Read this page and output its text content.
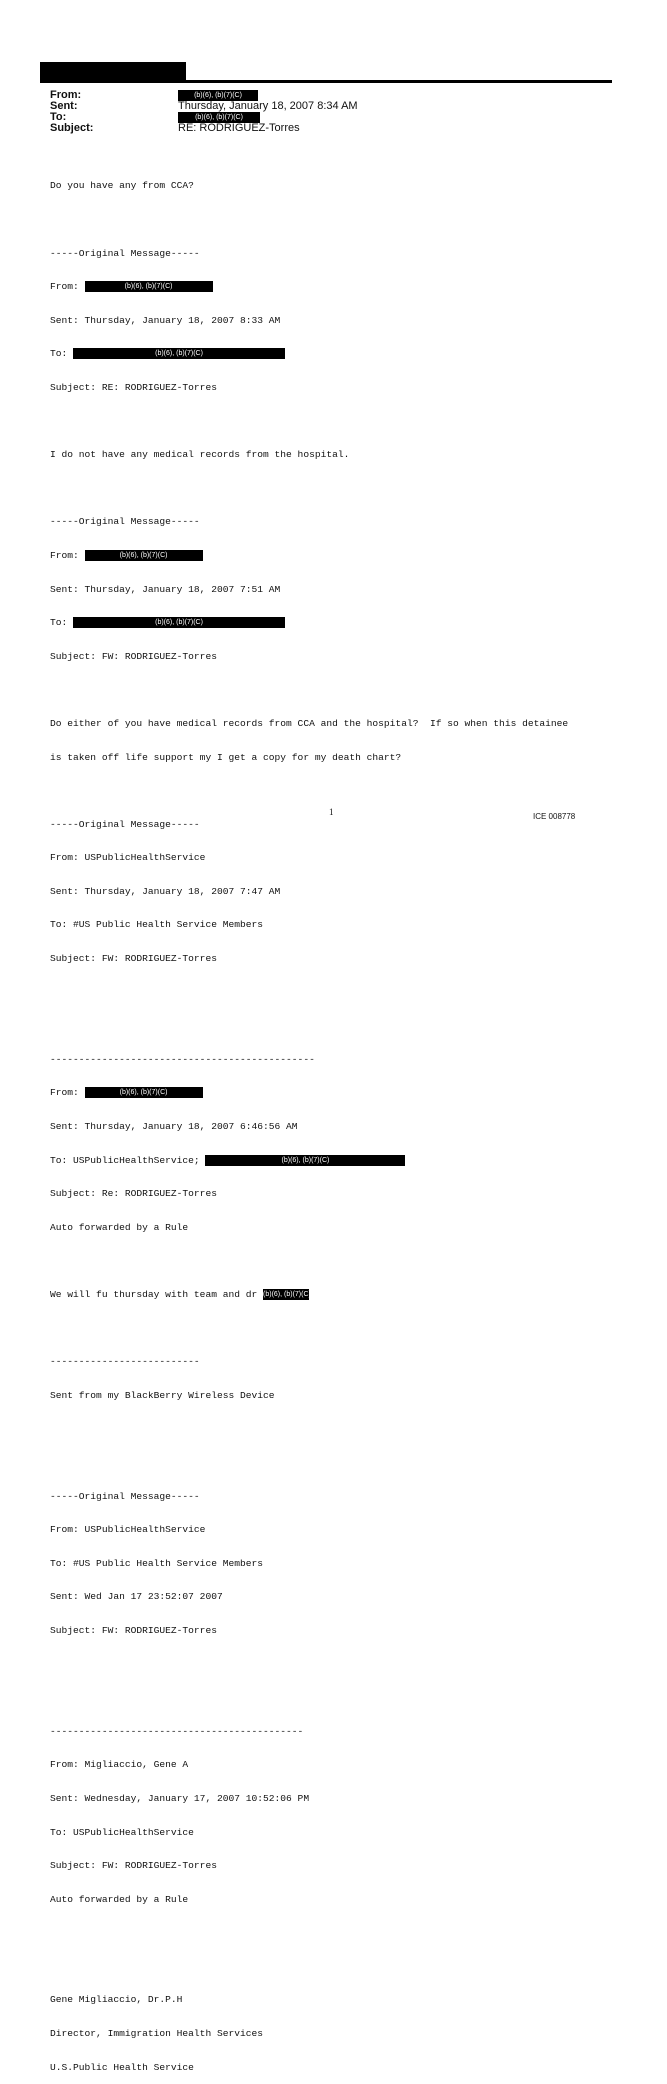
From:	(b)(6), (b)(7)(C)
Sent:	Thursday, January 18, 2007 8:34 AM
To:	(b)(6), (b)(7)(C)
Subject:	RE: RODRIGUEZ-Torres

Do you have any from CCA?

-----Original Message-----

From:	(b)(6), (b)(7)(C)

Sent: Thursday, January 18, 2007 8:33 AM

To:	(b)(6), (b)(7)(C)

Subject: RE: RODRIGUEZ-Torres

I do not have any medical records from the hospital.

-----Original Message-----

From:	(b)(6), (b)(7)(C)

Sent: Thursday, January 18, 2007 7:51 AM

To:	(b)(6), (b)(7)(C)

Subject: FW: RODRIGUEZ-Torres

Do either of you have medical records from CCA and the hospital?  If so when this detainee

is taken off life support my I get a copy for my death chart?

-----Original Message-----

From: USPublicHealthService

Sent: Thursday, January 18, 2007 7:47 AM

To: #US Public Health Service Members

Subject: FW: RODRIGUEZ-Torres

----------------------------------------------

From:	(b)(6), (b)(7)(C)

Sent: Thursday, January 18, 2007 6:46:56 AM

To: USPublicHealthService;	(b)(6), (b)(7)(C)

Subject: Re: RODRIGUEZ-Torres

Auto forwarded by a Rule

We will fu thursday with team and dr (b)(6), (b)(7)(C)

--------------------------

Sent from my BlackBerry Wireless Device

-----Original Message-----

From: USPublicHealthService

To: #US Public Health Service Members

Sent: Wed Jan 17 23:52:07 2007

Subject: FW: RODRIGUEZ-Torres

--------------------------------------------

From: Migliaccio, Gene A

Sent: Wednesday, January 17, 2007 10:52:06 PM

To: USPublicHealthService

Subject: FW: RODRIGUEZ-Torres

Auto forwarded by a Rule

Gene Migliaccio, Dr.P.H

Director, Immigration Health Services

U.S.Public Health Service

1	ICE 008778
